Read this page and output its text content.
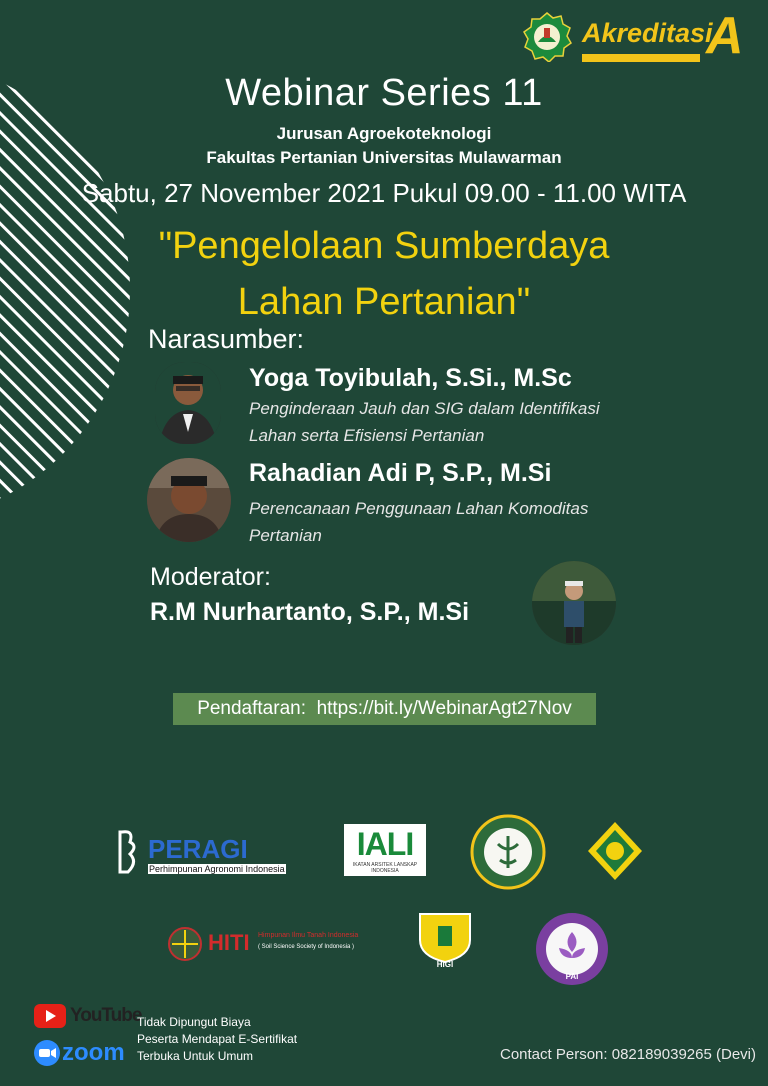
Akreditasi
A
Webinar Series 11
Jurusan Agroekoteknologi
Fakultas Pertanian Universitas Mulawarman
Sabtu, 27 November 2021 Pukul 09.00 - 11.00 WITA
"Pengelolaan Sumberdaya
Lahan Pertanian"
Narasumber:
Yoga Toyibulah, S.Si., M.Sc
Penginderaan Jauh dan SIG dalam Identifikasi
Lahan serta Efisiensi Pertanian
Rahadian Adi P, S.P., M.Si
Perencanaan Penggunaan Lahan Komoditas
Pertanian
Moderator:
R.M Nurhartanto, S.P., M.Si
Pendaftaran: https://bit.ly/WebinarAgt27Nov
PERAGI
Perhimpunan Agronomi Indonesia
IALI
IKATAN ARSITEK LANSKAP INDONESIA
HITI Himpunan Ilmu Tanah Indonesia
( Soil Science Society of Indonesia )
HIGI
PAI
YouTube
zoom
Tidak Dipungut Biaya
Peserta Mendapat E-Sertifikat
Terbuka Untuk Umum	Contact Person: 082189039265 (Devi)
